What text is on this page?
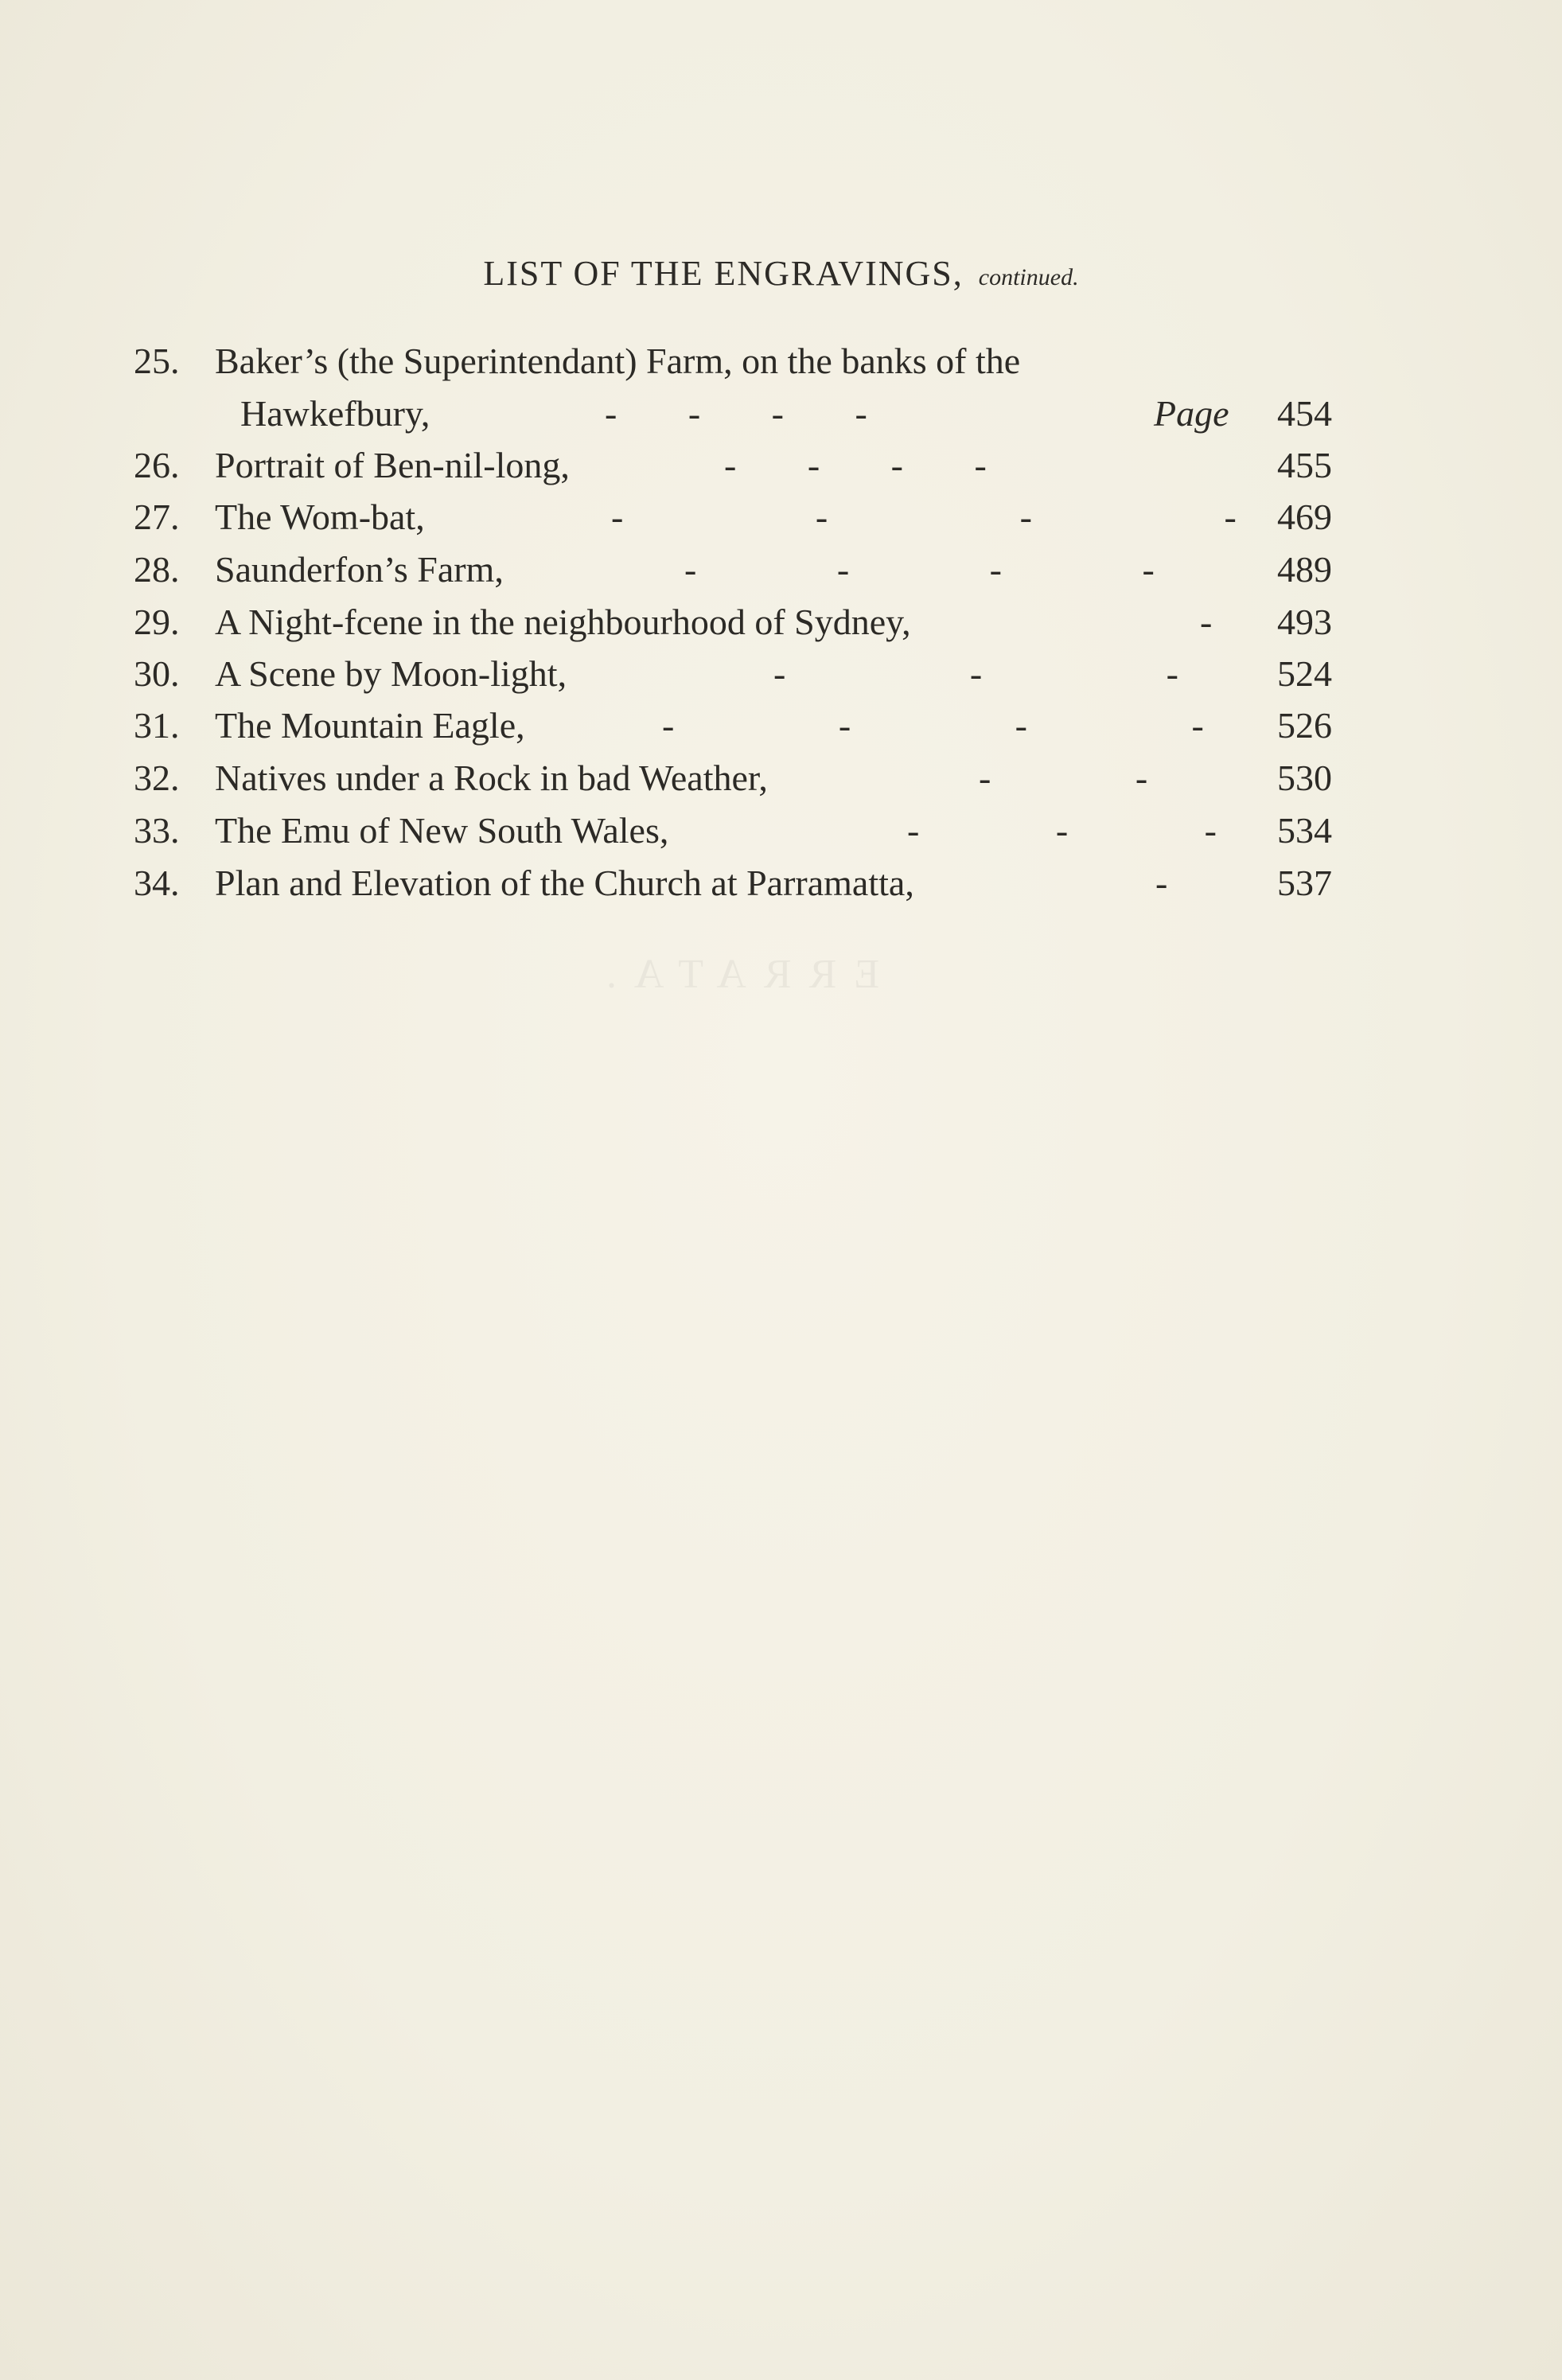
LIST OF THE ENGRAVINGS, continued.
25. Baker’s (the Superintendant) Farm, on the banks of the
Hawkefbury,	- - - -	Page 454
26. Portrait of Ben-nil-long,	- - - -	455
27. The Wom-bat,	- - - - 469
28. Saunderfon’s Farm,	- - - -	489
29. A Night-fcene in the neighbourhood of Sydney,	- 493
30. A Scene by Moon-light,	- - -	524
31. The Mountain Eagle,	- - - - 526
32. Natives under a Rock in bad Weather,	- -	530
33. The Emu of New South Wales,	- - - 534
34. Plan and Elevation of the Church at Parramatta,	-	537
ERRATA.
